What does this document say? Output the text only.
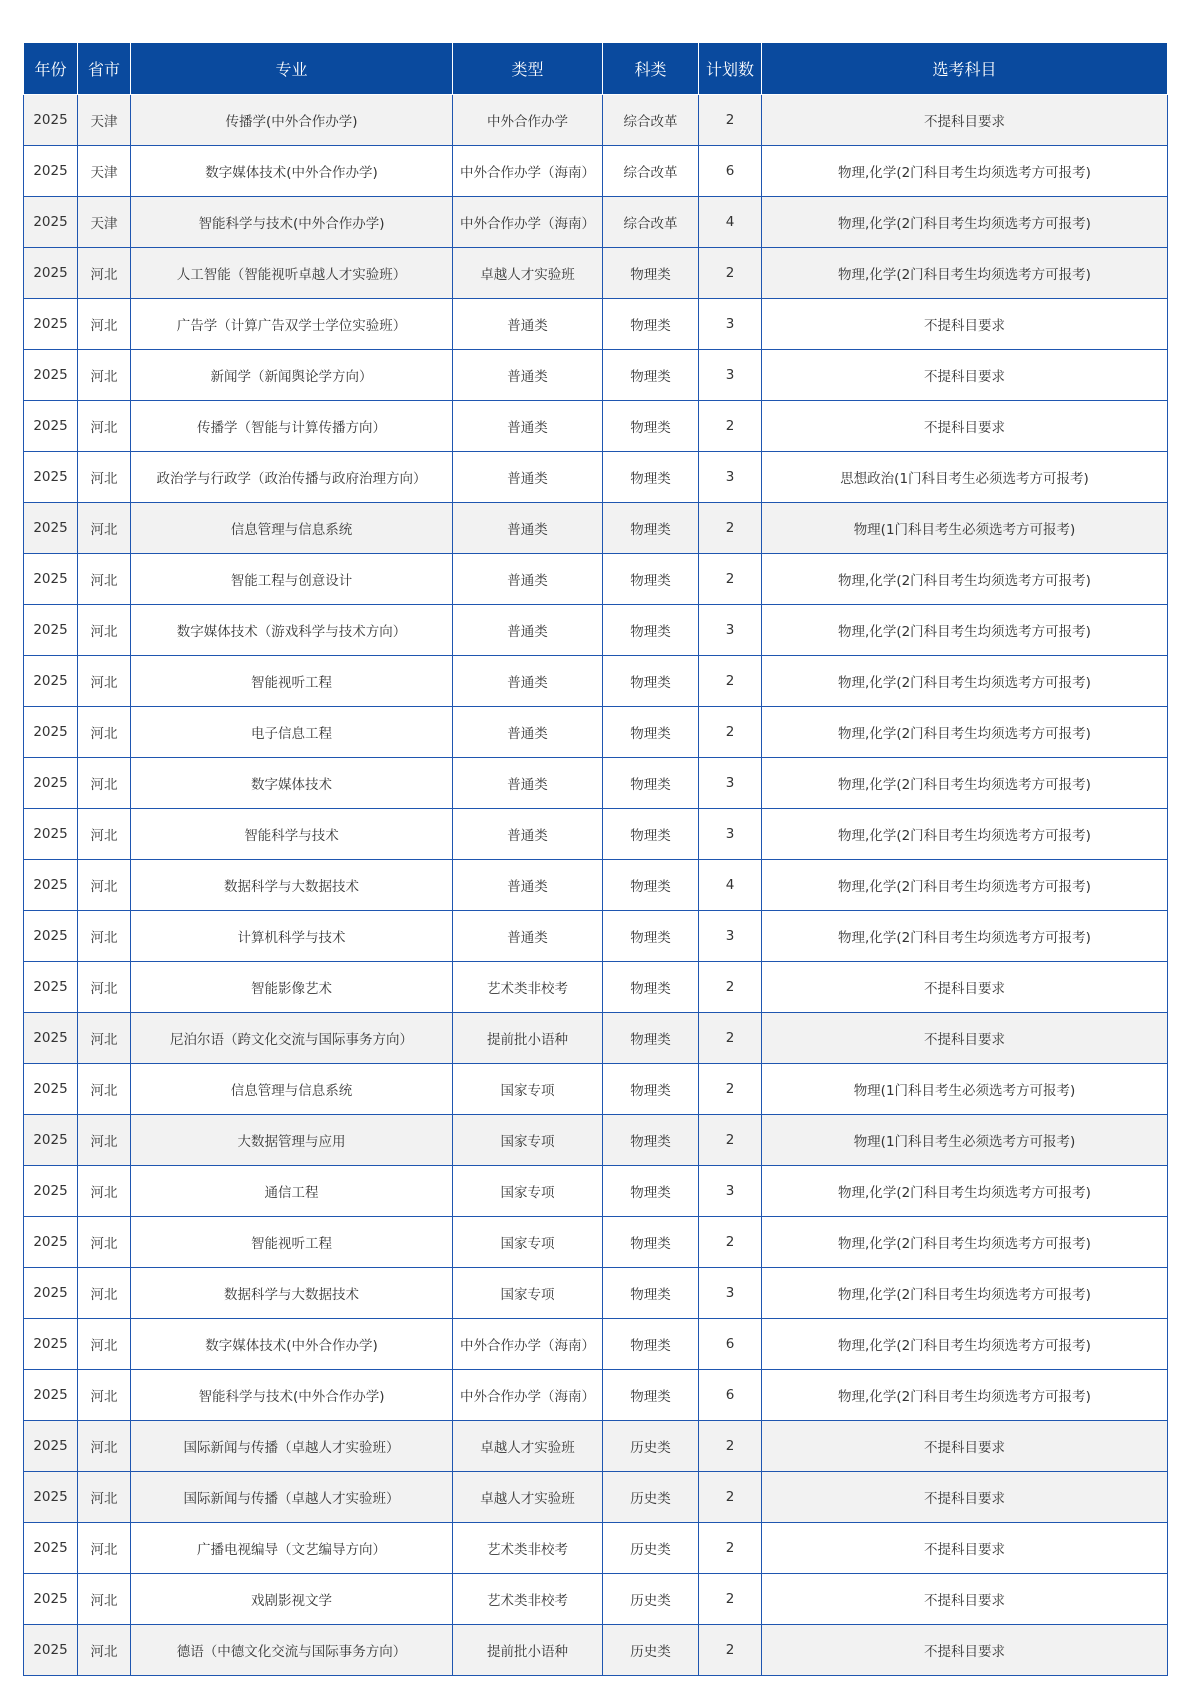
年份	省市	专业	类型	科类	计划数	选考科目
2025	天津	传播学(中外合作办学)	中外合作办学	综合改革	2	不提科目要求
2025	天津	数字媒体技术(中外合作办学)	中外合作办学（海南）	综合改革	6	物理,化学(2门科目考生均须选考方可报考)
2025	天津	智能科学与技术(中外合作办学)	中外合作办学（海南）	综合改革	4	物理,化学(2门科目考生均须选考方可报考)
2025	河北	人工智能（智能视听卓越人才实验班）	卓越人才实验班	物理类	2	物理,化学(2门科目考生均须选考方可报考)
2025	河北	广告学（计算广告双学士学位实验班）	普通类	物理类	3	不提科目要求
2025	河北	新闻学（新闻舆论学方向）	普通类	物理类	3	不提科目要求
2025	河北	传播学（智能与计算传播方向）	普通类	物理类	2	不提科目要求
2025	河北	政治学与行政学（政治传播与政府治理方向）	普通类	物理类	3	思想政治(1门科目考生必须选考方可报考)
2025	河北	信息管理与信息系统	普通类	物理类	2	物理(1门科目考生必须选考方可报考)
2025	河北	智能工程与创意设计	普通类	物理类	2	物理,化学(2门科目考生均须选考方可报考)
2025	河北	数字媒体技术（游戏科学与技术方向）	普通类	物理类	3	物理,化学(2门科目考生均须选考方可报考)
2025	河北	智能视听工程	普通类	物理类	2	物理,化学(2门科目考生均须选考方可报考)
2025	河北	电子信息工程	普通类	物理类	2	物理,化学(2门科目考生均须选考方可报考)
2025	河北	数字媒体技术	普通类	物理类	3	物理,化学(2门科目考生均须选考方可报考)
2025	河北	智能科学与技术	普通类	物理类	3	物理,化学(2门科目考生均须选考方可报考)
2025	河北	数据科学与大数据技术	普通类	物理类	4	物理,化学(2门科目考生均须选考方可报考)
2025	河北	计算机科学与技术	普通类	物理类	3	物理,化学(2门科目考生均须选考方可报考)
2025	河北	智能影像艺术	艺术类非校考	物理类	2	不提科目要求
2025	河北	尼泊尔语（跨文化交流与国际事务方向）	提前批小语种	物理类	2	不提科目要求
2025	河北	信息管理与信息系统	国家专项	物理类	2	物理(1门科目考生必须选考方可报考)
2025	河北	大数据管理与应用	国家专项	物理类	2	物理(1门科目考生必须选考方可报考)
2025	河北	通信工程	国家专项	物理类	3	物理,化学(2门科目考生均须选考方可报考)
2025	河北	智能视听工程	国家专项	物理类	2	物理,化学(2门科目考生均须选考方可报考)
2025	河北	数据科学与大数据技术	国家专项	物理类	3	物理,化学(2门科目考生均须选考方可报考)
2025	河北	数字媒体技术(中外合作办学)	中外合作办学（海南）	物理类	6	物理,化学(2门科目考生均须选考方可报考)
2025	河北	智能科学与技术(中外合作办学)	中外合作办学（海南）	物理类	6	物理,化学(2门科目考生均须选考方可报考)
2025	河北	国际新闻与传播（卓越人才实验班）	卓越人才实验班	历史类	2	不提科目要求
2025	河北	国际新闻与传播（卓越人才实验班）	卓越人才实验班	历史类	2	不提科目要求
2025	河北	广播电视编导（文艺编导方向）	艺术类非校考	历史类	2	不提科目要求
2025	河北	戏剧影视文学	艺术类非校考	历史类	2	不提科目要求
2025	河北	德语（中德文化交流与国际事务方向）	提前批小语种	历史类	2	不提科目要求
